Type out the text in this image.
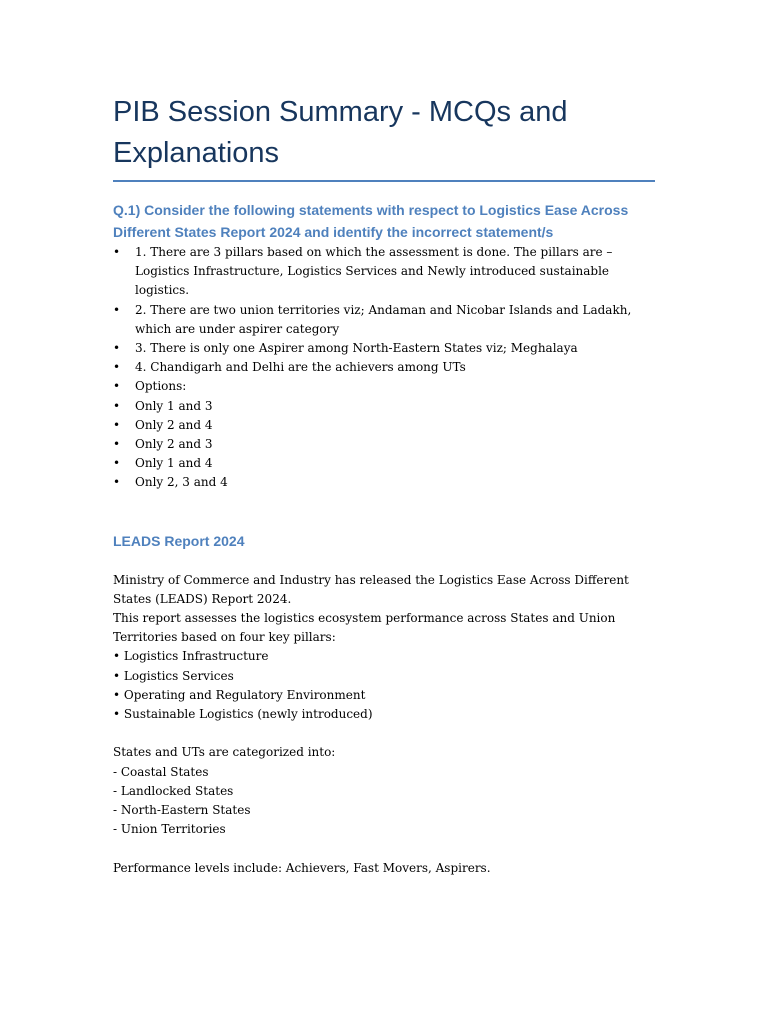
PIB Session Summary - MCQs and Explanations

Q.1) Consider the following statements with respect to Logistics Ease Across Different States Report 2024 and identify the incorrect statement/s

• 1. There are 3 pillars based on which the assessment is done. The pillars are – Logistics Infrastructure, Logistics Services and Newly introduced sustainable logistics.
• 2. There are two union territories viz; Andaman and Nicobar Islands and Ladakh, which are under aspirer category
• 3. There is only one Aspirer among North-Eastern States viz; Meghalaya
• 4. Chandigarh and Delhi are the achievers among UTs
• Options:
• Only 1 and 3
• Only 2 and 4
• Only 2 and 3
• Only 1 and 4
• Only 2, 3 and 4
LEADS Report 2024

Ministry of Commerce and Industry has released the Logistics Ease Across Different States (LEADS) Report 2024.

This report assesses the logistics ecosystem performance across States and Union Territories based on four key pillars:

• Logistics Infrastructure

• Logistics Services

• Operating and Regulatory Environment

• Sustainable Logistics (newly introduced)

States and UTs are categorized into:

- Coastal States

- Landlocked States

- North-Eastern States

- Union Territories

Performance levels include: Achievers, Fast Movers, Aspirers.
